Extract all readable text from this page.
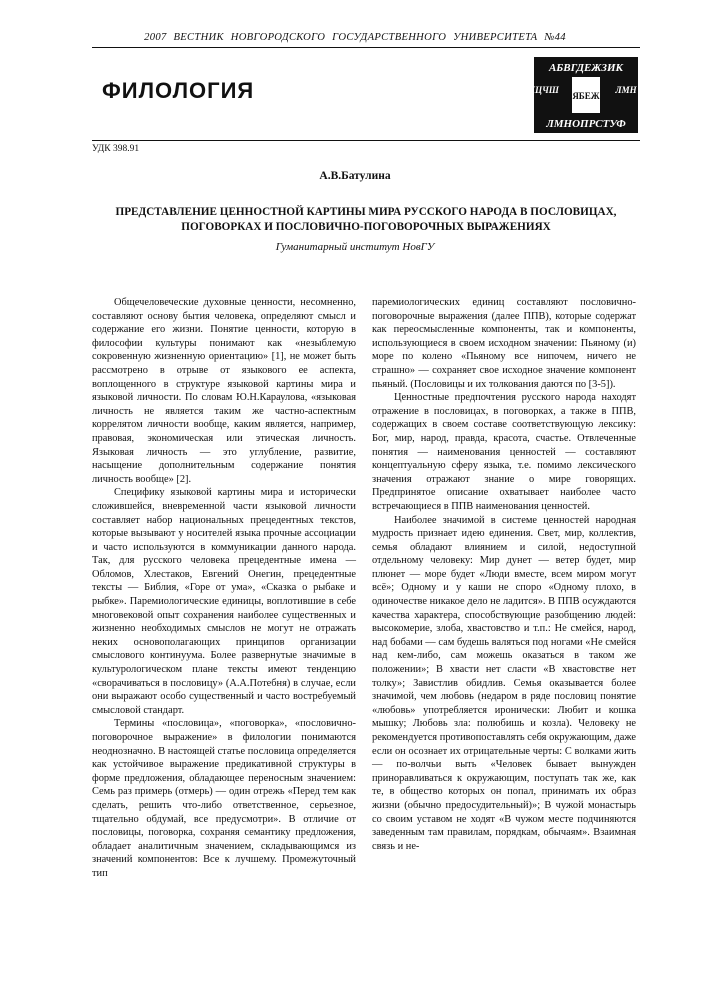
2007 ВЕСТНИК НОВГОРОДСКОГО ГОСУДАРСТВЕННОГО УНИВЕРСИТЕТА №44
ФИЛОЛОГИЯ
АБВГДЕЖЗИК
ХЦЧШ
ЯБЕЖ
ЛМН
ЛМНОПРСТУФ
УДК 398.91
А.В.Батулина
ПРЕДСТАВЛЕНИЕ ЦЕННОСТНОЙ КАРТИНЫ МИРА РУССКОГО НАРОДА В ПОСЛОВИЦАХ, ПОГОВОРКАХ И ПОСЛОВИЧНО-ПОГОВОРОЧНЫХ ВЫРАЖЕНИЯХ
Гуманитарный институт НовГУ

Общечеловеческие духовные ценности, несомненно, составляют основу бытия человека, определяют смысл и содержание его жизни. Понятие ценности, которую в философии культуры понимают как «незыблемую сокровенную жизненную ориентацию» [1], не может быть рассмотрено в отрыве от языкового ее аспекта, воплощенного в структуре языковой картины мира и языковой личности. По словам Ю.Н.Караулова, «языковая личность не является таким же частно-аспектным коррелятом личности вообще, каким является, например, правовая, экономическая или этическая личность. Языковая личность — это углубление, развитие, насыщение дополнительным содержание понятия личность вообще» [2].

Специфику языковой картины мира и исторически сложившейся, вневременной части языковой личности составляет набор национальных прецедентных текстов, которые вызывают у носителей языка прочные ассоциации и часто используются в коммуникации данного народа. Так, для русского человека прецедентные имена — Обломов, Хлестаков, Евгений Онегин, прецедентные тексты — Библия, «Горе от ума», «Сказка о рыбаке и рыбке». Паремиологические единицы, воплотившие в себе многовековой опыт сохранения наиболее существенных и жизненно необходимых смыслов не могут не отражать неких основополагающих принципов организации смыслового континуума. Более развернутые значимые в культурологическом плане тексты имеют тенденцию «сворачиваться в пословицу» (А.А.Потебня) в случае, если они выражают особо существенный и часто востребуемый смысловой стандарт.

Термины «пословица», «поговорка», «пословично-поговорочное выражение» в филологии понимаются неоднозначно. В настоящей статье пословица определяется как устойчивое выражение предикативной структуры в форме предложения, обладающее переносным значением: Семь раз примерь (отмерь) — один отрежь «Перед тем как сделать, решить что-либо ответственное, серьезное, тщательно обдумай, все предусмотри». В отличие от пословицы, поговорка, сохраняя семантику предложения, обладает аналитичным значением, складывающимся из значений компонентов: Все к лучшему. Промежуточный тип

паремиологических единиц составляют пословично-поговорочные выражения (далее ППВ), которые содержат как переосмысленные компоненты, так и компоненты, использующиеся в своем исходном значении: Пьяному (и) море по колено «Пьяному все нипочем, ничего не страшно» — сохраняет свое исходное значение компонент пьяный. (Пословицы и их толкования даются по [3-5]).

Ценностные предпочтения русского народа находят отражение в пословицах, в поговорках, а также в ППВ, содержащих в своем составе соответствующую лексику: Бог, мир, народ, правда, красота, счастье. Отвлеченные понятия — наименования ценностей — составляют концептуальную сферу языка, т.е. помимо лексического значения отражают знание о мире говорящих. Предпринятое описание охватывает наиболее часто встречающиеся в ППВ наименования ценностей.

Наиболее значимой в системе ценностей народная мудрость признает идею единения. Свет, мир, коллектив, семья обладают влиянием и силой, недоступной отдельному человеку: Мир дунет — ветер будет, мир плюнет — море будет «Люди вместе, всем миром могут всё»; Одному и у каши не споро «Одному плохо, в одиночестве никакое дело не ладится». В ППВ осуждаются качества характера, способствующие разобщению людей: высокомерие, злоба, хвастовство и т.п.: Не смейся, народ, над бобами — сам будешь валяться под ногами «Не смейся над кем-либо, сам можешь оказаться в таком же положении»; В хвасти нет сласти «В хвастовстве нет толку»; Завистлив обидлив. Семья оказывается более значимой, чем любовь (недаром в ряде пословиц понятие «любовь» употребляется иронически: Любит и кошка мышку; Любовь зла: полюбишь и козла). Человеку не рекомендуется противопоставлять себя окружающим, даже если он осознает их отрицательные черты: С волками жить — по-волчьи выть «Человек бывает вынужден приноравливаться к окружающим, поступать так же, как те, в общество которых он попал, принимать их образ жизни (обычно предосудительный)»; В чужой монастырь со своим уставом не ходят «В чужом месте подчиняются заведенным там правилам, порядкам, обычаям». Взаимная связь и не-
